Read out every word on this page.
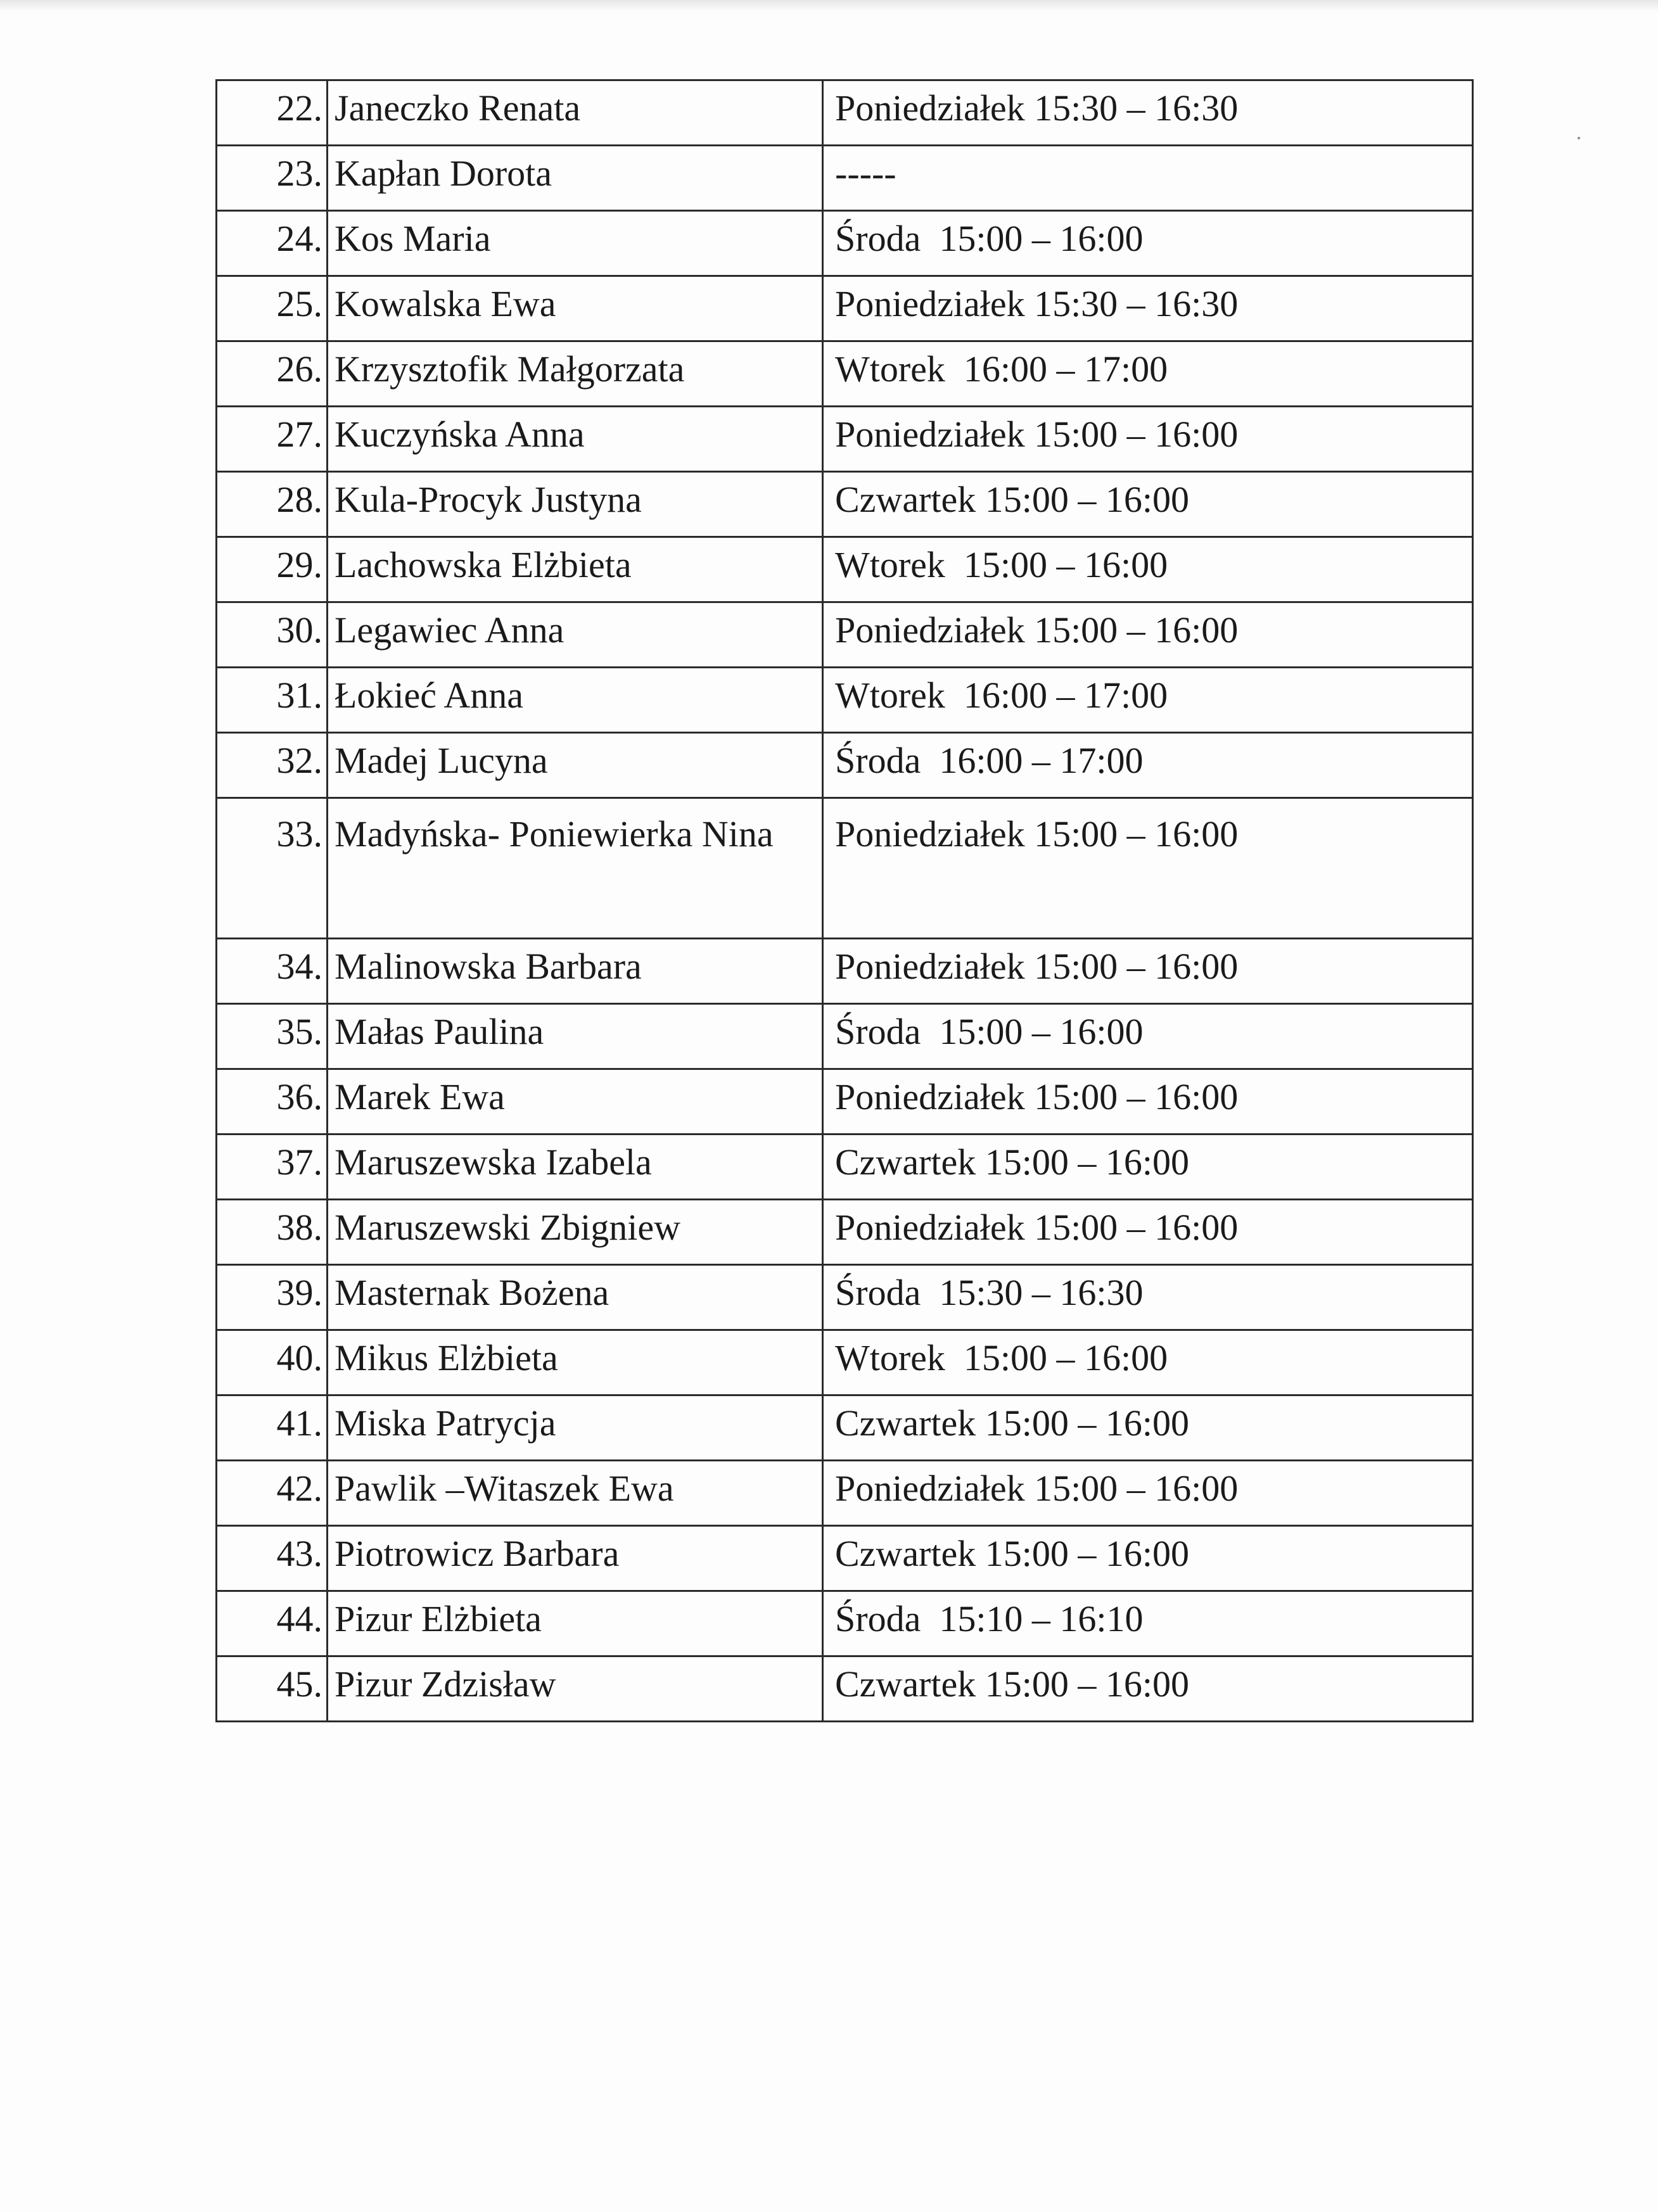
22.	Janeczko Renata	Poniedziałek 15:30 – 16:30
23.	Kapłan Dorota	-----
24.	Kos Maria	Środa  15:00 – 16:00
25.	Kowalska Ewa	Poniedziałek 15:30 – 16:30
26.	Krzysztofik Małgorzata	Wtorek  16:00 – 17:00
27.	Kuczyńska Anna	Poniedziałek 15:00 – 16:00
28.	Kula-Procyk Justyna	Czwartek 15:00 – 16:00
29.	Lachowska Elżbieta	Wtorek  15:00 – 16:00
30.	Legawiec Anna	Poniedziałek 15:00 – 16:00
31.	Łokieć Anna	Wtorek  16:00 – 17:00
32.	Madej Lucyna	Środa  16:00 – 17:00
33.	Madyńska- Poniewierka Nina	Poniedziałek 15:00 – 16:00
34.	Malinowska Barbara	Poniedziałek 15:00 – 16:00
35.	Małas Paulina	Środa  15:00 – 16:00
36.	Marek Ewa	Poniedziałek 15:00 – 16:00
37.	Maruszewska Izabela	Czwartek 15:00 – 16:00
38.	Maruszewski Zbigniew	Poniedziałek 15:00 – 16:00
39.	Masternak Bożena	Środa  15:30 – 16:30
40.	Mikus Elżbieta	Wtorek  15:00 – 16:00
41.	Miska Patrycja	Czwartek 15:00 – 16:00
42.	Pawlik –Witaszek Ewa	Poniedziałek 15:00 – 16:00
43.	Piotrowicz Barbara	Czwartek 15:00 – 16:00
44.	Pizur Elżbieta	Środa  15:10 – 16:10
45.	Pizur Zdzisław	Czwartek 15:00 – 16:00
